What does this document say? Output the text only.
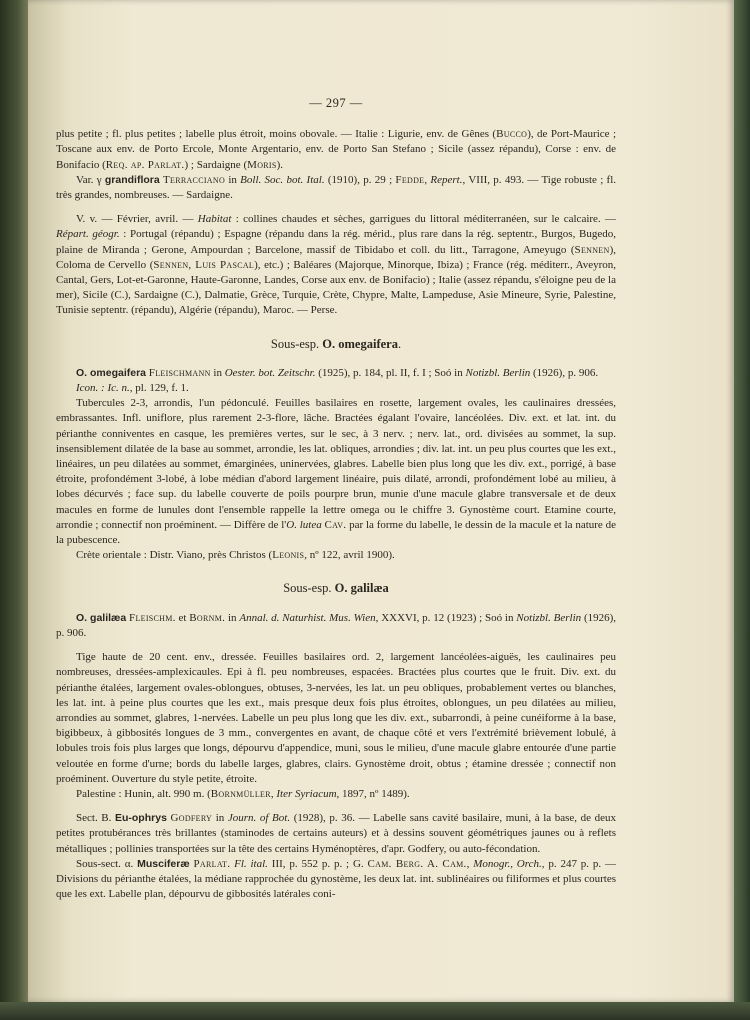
— 297 —

plus petite ; fl. plus petites ; labelle plus étroit, moins obovale. — Italie : Ligurie, env. de Gênes (Bucco), de Port-Maurice ; Toscane aux env. de Porto Ercole, Monte Argentario, env. de Porto San Stefano ; Sicile (assez répandu), Corse : env. de Bonifacio (Req. ap. Parlat.) ; Sardaigne (Moris).

Var. γ grandiflora Terracciano in Boll. Soc. bot. Ital. (1910), p. 29 ; Fedde, Repert., VIII, p. 493. — Tige robuste ; fl. très grandes, nombreuses. — Sardaigne.

V. v. — Février, avril. — Habitat : collines chaudes et sèches, garrigues du littoral méditerranéen, sur le calcaire. — Répart. géogr. : Portugal (répandu) ; Espagne (répandu dans la rég. mérid., plus rare dans la rég. septentr., Burgos, Bugedo, plaine de Miranda ; Gerone, Ampourdan ; Barcelone, massif de Tibidabo et coll. du litt., Tarragone, Ameyugo (Sennen), Coloma de Cervello (Sennen, Luis Pascal), etc.) ; Baléares (Majorque, Minorque, Ibiza) ; France (rég. méditerr., Aveyron, Cantal, Gers, Lot-et-Garonne, Haute-Garonne, Landes, Corse aux env. de Bonifacio) ; Italie (assez répandu, s'éloigne peu de la mer), Sicile (C.), Sardaigne (C.), Dalmatie, Grèce, Turquie, Crète, Chypre, Malte, Lampeduse, Asie Mineure, Syrie, Palestine, Tunisie septentr. (répandu), Algérie (répandu), Maroc. — Perse.

Sous-esp. O. omegaifera.

O. omegaifera Fleischmann in Oester. bot. Zeitschr. (1925), p. 184, pl. II, f. I ; Soó in Notizbl. Berlin (1926), p. 906.

Icon. : Ic. n., pl. 129, f. 1.

Tubercules 2-3, arrondis, l'un pédonculé. Feuilles basilaires en rosette, largement ovales, les caulinaires dressées, embrassantes. Infl. uniflore, plus rarement 2-3-flore, lâche. Bractées égalant l'ovaire, lancéolées. Div. ext. et lat. int. du périanthe conniventes en casque, les premières vertes, sur le sec, à 3 nerv. ; nerv. lat., ord. divisées au sommet, la sup. insensiblement dilatée de la base au sommet, arrondie, les lat. obliques, arrondies ; div. lat. int. un peu plus courtes que les ext., linéaires, un peu dilatées au sommet, émarginées, uninervées, glabres. Labelle bien plus long que les div. ext., porrigé, à base étroite, profondément 3-lobé, à lobe médian d'abord largement linéaire, puis dilaté, arrondi, profondément lobé au milieu, à lobes décurvés ; face sup. du labelle couverte de poils pourpre brun, munie d'une macule glabre transversale et de deux macules en forme de lunules dont l'ensemble rappelle la lettre omega ou le chiffre 3. Gynostème court. Etamine courte, arrondie ; connectif non proéminent. — Diffère de l'O. lutea Cav. par la forme du labelle, le dessin de la macule et la nature de la pubescence.

Crète orientale : Distr. Viano, près Christos (Leonis, nº 122, avril 1900).

Sous-esp. O. galilæa

O. galilæa Fleischm. et Bornm. in Annal. d. Naturhist. Mus. Wien, XXXVI, p. 12 (1923) ; Soó in Notizbl. Berlin (1926), p. 906.

Tige haute de 20 cent. env., dressée. Feuilles basilaires ord. 2, largement lancéolées-aiguës, les caulinaires peu nombreuses, dressées-amplexicaules. Epi à fl. peu nombreuses, espacées. Bractées plus courtes que le fruit. Div. ext. du périanthe étalées, largement ovales-oblongues, obtuses, 3-nervées, les lat. un peu obliques, probablement vertes ou blanches, les lat. int. à peine plus courtes que les ext., mais presque deux fois plus étroites, oblongues, un peu dilatées au milieu, arrondies au sommet, glabres, 1-nervées. Labelle un peu plus long que les div. ext., subarrondi, à peine cunéiforme à la base, bigibbeux, à gibbosités longues de 3 mm., convergentes en avant, de chaque côté et vers l'extrémité brièvement lobulé, à lobules trois fois plus larges que longs, dépourvu d'appendice, muni, sous le milieu, d'une macule glabre entourée d'une partie veloutée en forme d'urne; bords du labelle larges, glabres, clairs. Gynostème droit, obtus ; étamine dressée ; connectif non proéminent. Ouverture du style petite, étroite.

Palestine : Hunin, alt. 990 m. (Bornmüller, Iter Syriacum, 1897, nº 1489).

Sect. B. Eu-ophrys Godfery in Journ. of Bot. (1928), p. 36. — Labelle sans cavité basilaire, muni, à la base, de deux petites protubérances très brillantes (staminodes de certains auteurs) et à dessins souvent géométriques jaunes ou à reflets métalliques ; pollinies transportées sur la tête des certains Hyménoptères, d'apr. Godfery, ou auto-fécondation.

Sous-sect. α. Musciferæ Parlat. Fl. ital. III, p. 552 p. p. ; G. Cam. Berg. A. Cam., Monogr., Orch., p. 247 p. p. — Divisions du périanthe étalées, la médiane rapprochée du gynostème, les deux lat. int. sublinéaires ou filiformes et plus courtes que les ext. Labelle plan, dépourvu de gibbosités latérales coni-
